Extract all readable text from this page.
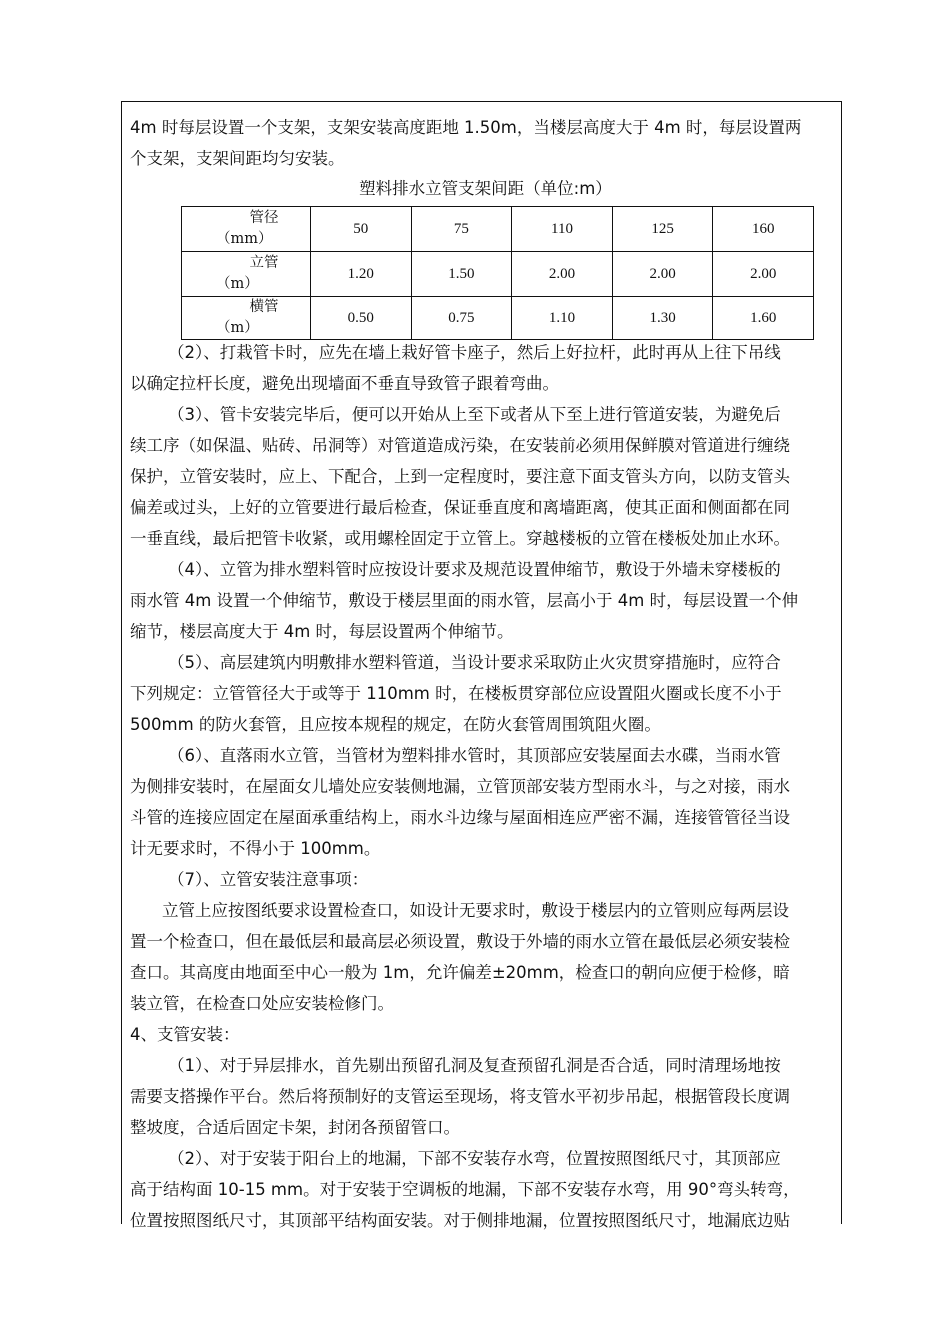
4m 时每层设置一个支架，支架安装高度距地 1.50m，当楼层高度大于 4m 时，每层设置两
个支架，支架间距均匀安装。
塑料排水立管支架间距（单位:m）
管径
（mm）	50	75	110	125	160

立管
（m）	1.20	1.50	2.00	2.00	2.00

横管
（m）	0.50	0.75	1.10	1.30	1.60
（2）、打栽管卡时，应先在墙上栽好管卡座子，然后上好拉杆，此时再从上往下吊线
以确定拉杆长度，避免出现墙面不垂直导致管子跟着弯曲。
（3）、管卡安装完毕后，便可以开始从上至下或者从下至上进行管道安装，为避免后
续工序（如保温、贴砖、吊洞等）对管道造成污染，在安装前必须用保鲜膜对管道进行缠绕
保护，立管安装时，应上、下配合，上到一定程度时，要注意下面支管头方向，以防支管头
偏差或过头，上好的立管要进行最后检查，保证垂直度和离墙距离，使其正面和侧面都在同
一垂直线，最后把管卡收紧，或用螺栓固定于立管上。穿越楼板的立管在楼板处加止水环。
（4）、立管为排水塑料管时应按设计要求及规范设置伸缩节，敷设于外墙未穿楼板的
雨水管 4m 设置一个伸缩节，敷设于楼层里面的雨水管，层高小于 4m 时，每层设置一个伸
缩节，楼层高度大于 4m 时，每层设置两个伸缩节。
（5）、高层建筑内明敷排水塑料管道，当设计要求采取防止火灾贯穿措施时，应符合
下列规定：立管管径大于或等于 110mm 时，在楼板贯穿部位应设置阻火圈或长度不小于
500mm 的防火套管，且应按本规程的规定，在防火套管周围筑阻火圈。
（6）、直落雨水立管，当管材为塑料排水管时，其顶部应安装屋面去水碟，当雨水管
为侧排安装时，在屋面女儿墙处应安装侧地漏，立管顶部安装方型雨水斗，与之对接，雨水
斗管的连接应固定在屋面承重结构上，雨水斗边缘与屋面相连应严密不漏，连接管管径当设
计无要求时，不得小于 100mm。
（7）、立管安装注意事项：
立管上应按图纸要求设置检查口，如设计无要求时，敷设于楼层内的立管则应每两层设
置一个检查口，但在最低层和最高层必须设置，敷设于外墙的雨水立管在最低层必须安装检
查口。其高度由地面至中心一般为 1m，允许偏差±20mm，检查口的朝向应便于检修，暗
装立管，在检查口处应安装检修门。
4、支管安装：
（1）、对于异层排水，首先剔出预留孔洞及复查预留孔洞是否合适，同时清理场地按
需要支搭操作平台。然后将预制好的支管运至现场，将支管水平初步吊起，根据管段长度调
整坡度，合适后固定卡架，封闭各预留管口。
（2）、对于安装于阳台上的地漏，下部不安装存水弯，位置按照图纸尺寸，其顶部应
高于结构面 10-15 mm。对于安装于空调板的地漏，下部不安装存水弯，用 90°弯头转弯，
位置按照图纸尺寸，其顶部平结构面安装。对于侧排地漏，位置按照图纸尺寸，地漏底边贴
